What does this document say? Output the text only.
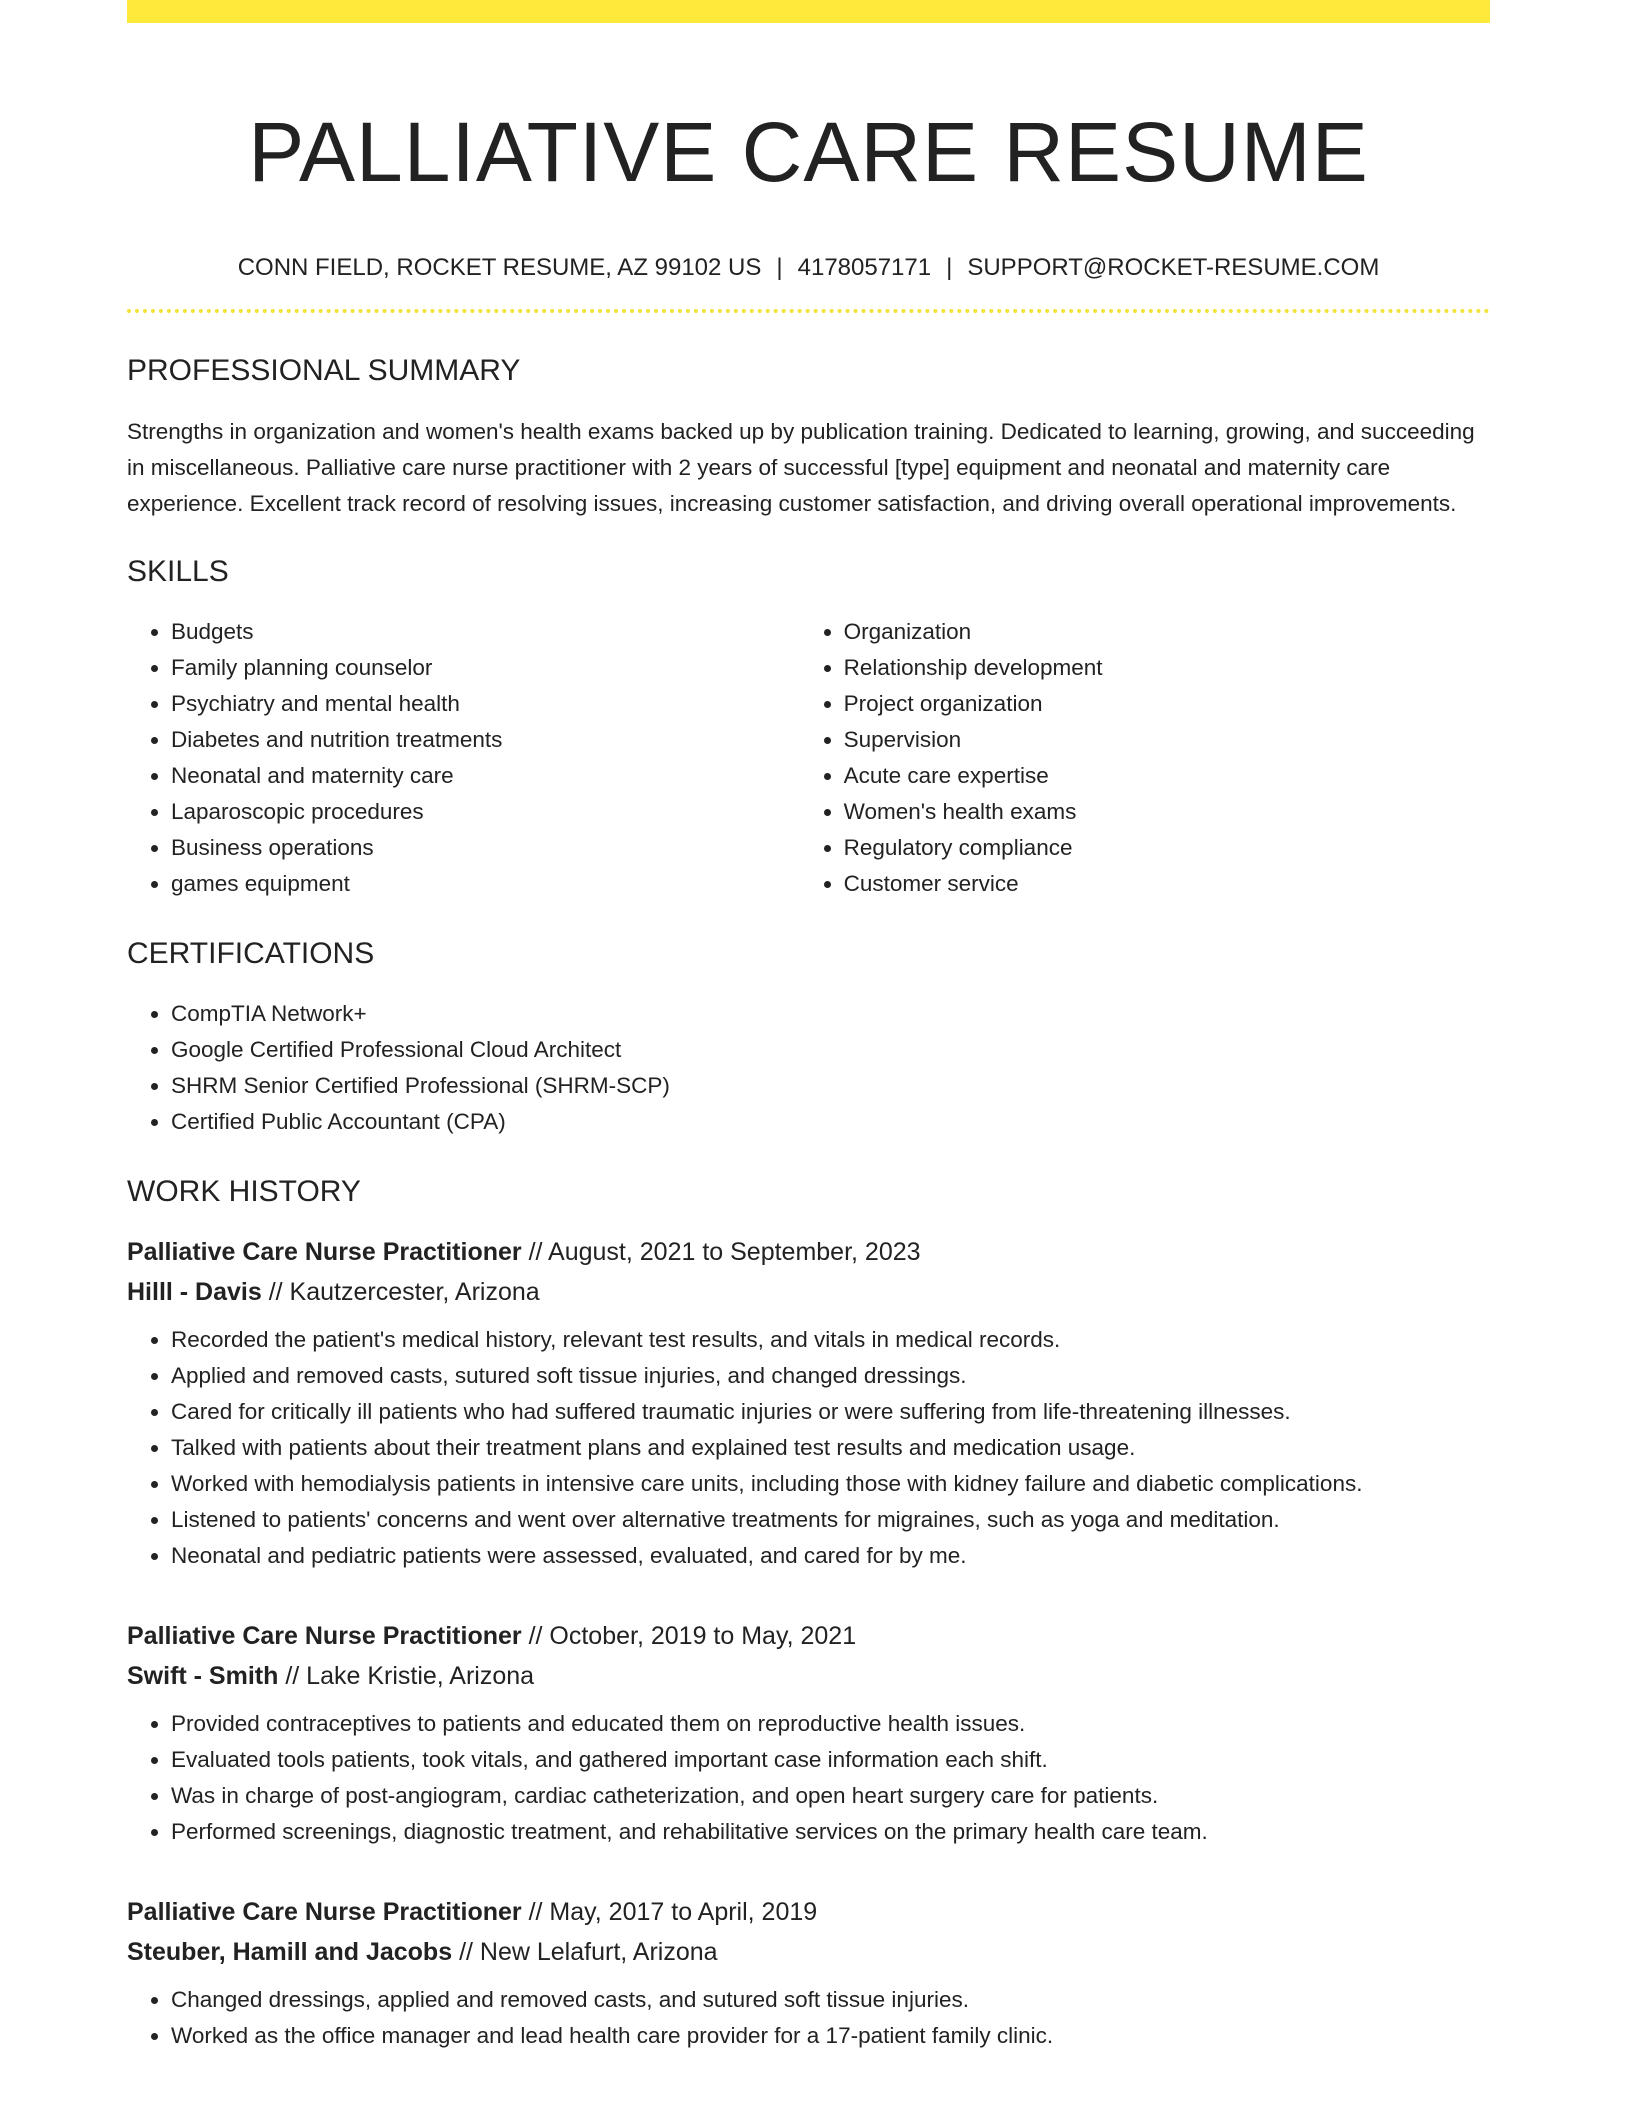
PALLIATIVE CARE RESUME
CONN FIELD, ROCKET RESUME, AZ 99102 US | 4178057171 | SUPPORT@ROCKET-RESUME.COM
PROFESSIONAL SUMMARY

Strengths in organization and women's health exams backed up by publication training. Dedicated to learning, growing, and succeeding in miscellaneous. Palliative care nurse practitioner with 2 years of successful [type] equipment and neonatal and maternity care experience. Excellent track record of resolving issues, increasing customer satisfaction, and driving overall operational improvements.

SKILLS
• Budgets
• Family planning counselor
• Psychiatry and mental health
• Diabetes and nutrition treatments
• Neonatal and maternity care
• Laparoscopic procedures
• Business operations
• games equipment
• Organization
• Relationship development
• Project organization
• Supervision
• Acute care expertise
• Women's health exams
• Regulatory compliance
• Customer service
CERTIFICATIONS
• CompTIA Network+
• Google Certified Professional Cloud Architect
• SHRM Senior Certified Professional (SHRM-SCP)
• Certified Public Accountant (CPA)
WORK HISTORY
Palliative Care Nurse Practitioner // August, 2021 to September, 2023
Hilll - Davis // Kautzercester, Arizona
• Recorded the patient's medical history, relevant test results, and vitals in medical records.
• Applied and removed casts, sutured soft tissue injuries, and changed dressings.
• Cared for critically ill patients who had suffered traumatic injuries or were suffering from life-threatening illnesses.
• Talked with patients about their treatment plans and explained test results and medication usage.
• Worked with hemodialysis patients in intensive care units, including those with kidney failure and diabetic complications.
• Listened to patients' concerns and went over alternative treatments for migraines, such as yoga and meditation.
• Neonatal and pediatric patients were assessed, evaluated, and cared for by me.
Palliative Care Nurse Practitioner // October, 2019 to May, 2021
Swift - Smith // Lake Kristie, Arizona
• Provided contraceptives to patients and educated them on reproductive health issues.
• Evaluated tools patients, took vitals, and gathered important case information each shift.
• Was in charge of post-angiogram, cardiac catheterization, and open heart surgery care for patients.
• Performed screenings, diagnostic treatment, and rehabilitative services on the primary health care team.
Palliative Care Nurse Practitioner // May, 2017 to April, 2019
Steuber, Hamill and Jacobs // New Lelafurt, Arizona
• Changed dressings, applied and removed casts, and sutured soft tissue injuries.
• Worked as the office manager and lead health care provider for a 17-patient family clinic.
